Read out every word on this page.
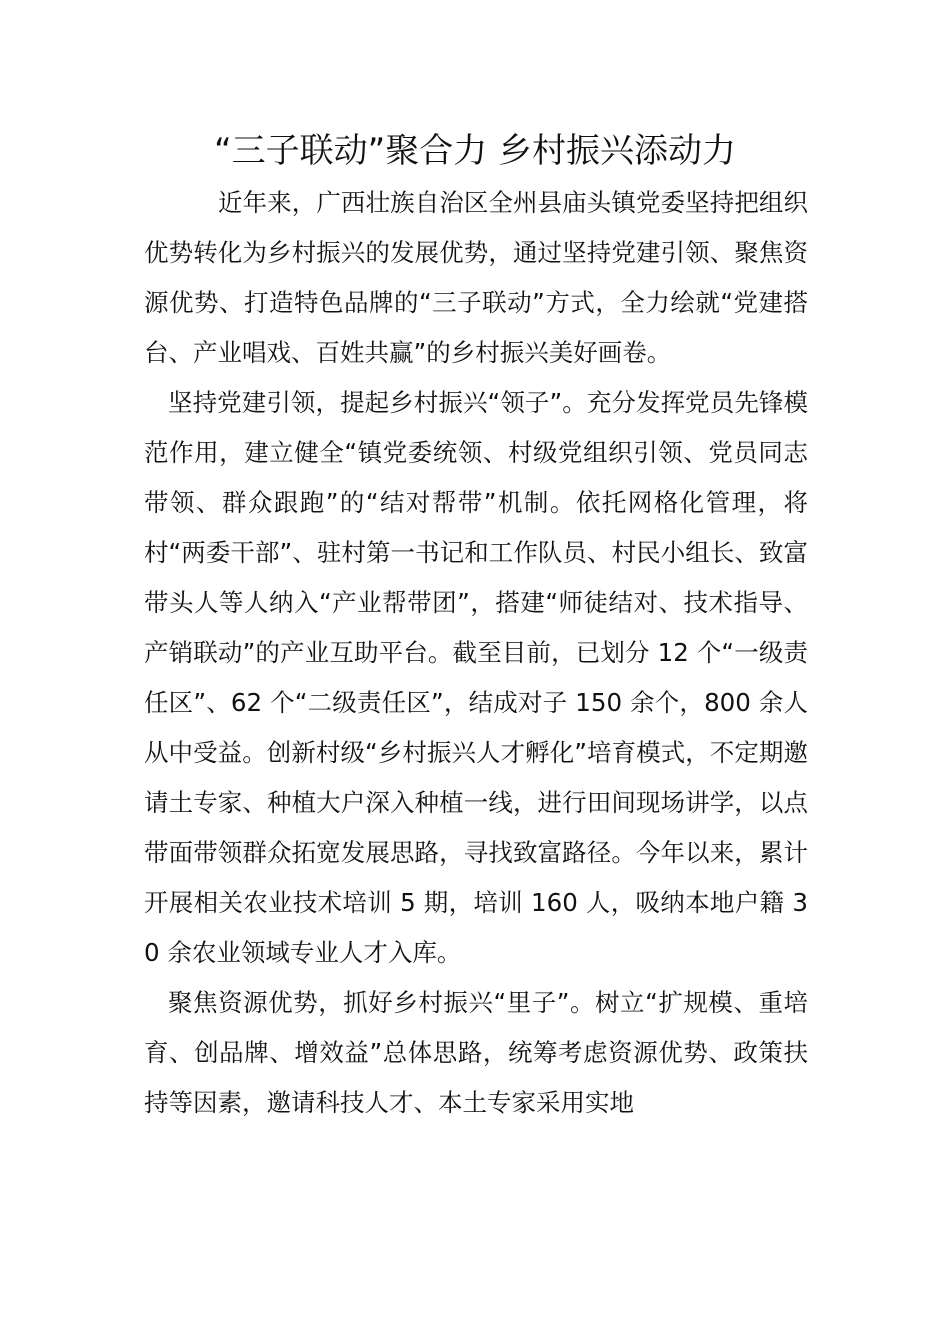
“三子联动”聚合力 乡村振兴添动力

近年来，广西壮族自治区全州县庙头镇党委坚持把组织优势转化为乡村振兴的发展优势，通过坚持党建引领、聚焦资源优势、打造特色品牌的“三子联动”方式，全力绘就“党建搭台、产业唱戏、百姓共赢”的乡村振兴美好画卷。

坚持党建引领，提起乡村振兴“领子”。充分发挥党员先锋模范作用，建立健全“镇党委统领、村级党组织引领、党员同志带领、群众跟跑”的“结对帮带”机制。依托网格化管理，将村“两委干部”、驻村第一书记和工作队员、村民小组长、致富带头人等人纳入“产业帮带团”，搭建“师徒结对、技术指导、产销联动”的产业互助平台。截至目前，已划分 12 个“一级责任区”、62 个“二级责任区”，结成对子 150 余个，800 余人从中受益。创新村级“乡村振兴人才孵化”培育模式，不定期邀请土专家、种植大户深入种植一线，进行田间现场讲学，以点带面带领群众拓宽发展思路，寻找致富路径。今年以来，累计开展相关农业技术培训 5 期，培训 160 人，吸纳本地户籍 30 余农业领域专业人才入库。

聚焦资源优势，抓好乡村振兴“里子”。树立“扩规模、重培育、创品牌、增效益”总体思路，统筹考虑资源优势、政策扶持等因素，邀请科技人才、本土专家采用实地
